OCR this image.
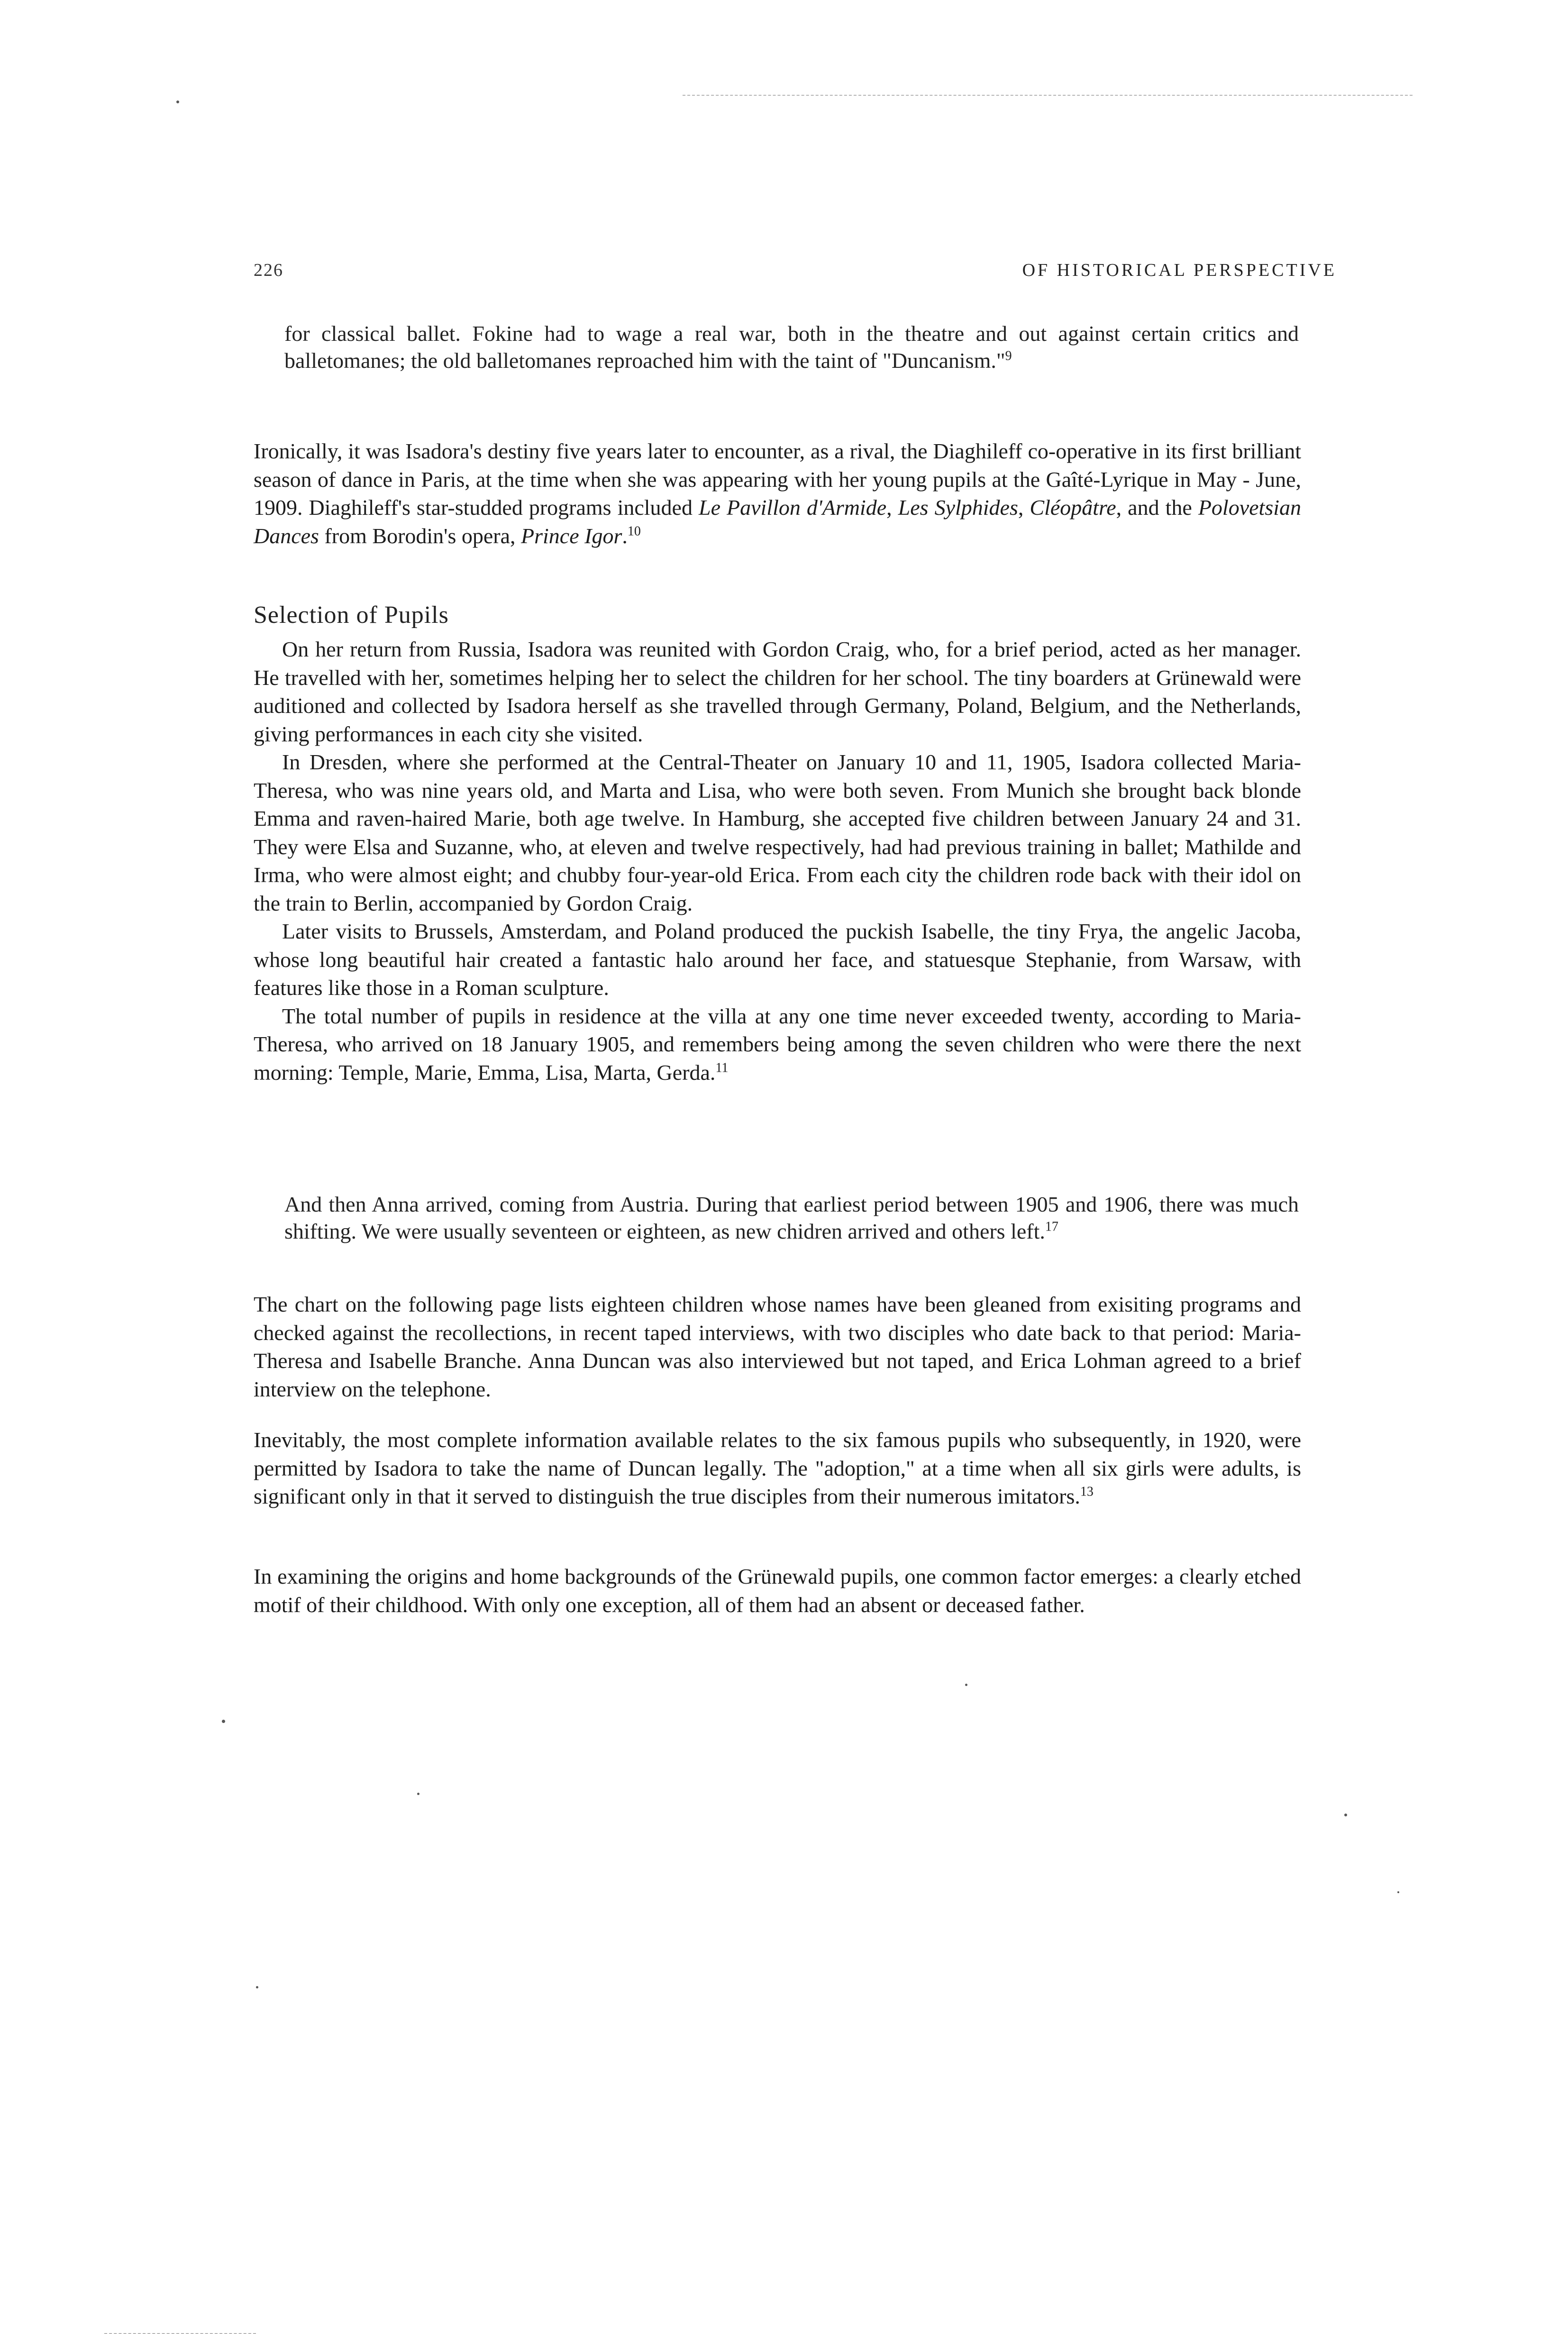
226	OF HISTORICAL PERSPECTIVE

for classical ballet. Fokine had to wage a real war, both in the theatre and out against certain critics and balletomanes; the old balletomanes reproached him with the taint of "Duncanism."$^9$

Ironically, it was Isadora's destiny five years later to encounter, as a rival, the Diaghileff co-operative in its first brilliant season of dance in Paris, at the time when she was appearing with her young pupils at the Gaîté-Lyrique in May - June, 1909. Diaghileff's star-studded programs included Le Pavillon d'Armide, Les Sylphides, Cléopâtre, and the Polovetsian Dances from Borodin's opera, Prince Igor.$^{10}$

Selection of Pupils

On her return from Russia, Isadora was reunited with Gordon Craig, who, for a brief period, acted as her manager. He travelled with her, sometimes helping her to select the children for her school. The tiny boarders at Grünewald were auditioned and collected by Isadora herself as she travelled through Germany, Poland, Belgium, and the Netherlands, giving performances in each city she visited.

In Dresden, where she performed at the Central-Theater on January 10 and 11, 1905, Isadora collected Maria-Theresa, who was nine years old, and Marta and Lisa, who were both seven. From Munich she brought back blonde Emma and raven-haired Marie, both age twelve. In Hamburg, she accepted five children between January 24 and 31. They were Elsa and Suzanne, who, at eleven and twelve respectively, had had previous training in ballet; Mathilde and Irma, who were almost eight; and chubby four-year-old Erica. From each city the children rode back with their idol on the train to Berlin, accompanied by Gordon Craig.

Later visits to Brussels, Amsterdam, and Poland produced the puckish Isabelle, the tiny Frya, the angelic Jacoba, whose long beautiful hair created a fantastic halo around her face, and statuesque Stephanie, from Warsaw, with features like those in a Roman sculpture.

The total number of pupils in residence at the villa at any one time never exceeded twenty, according to Maria-Theresa, who arrived on 18 January 1905, and remembers being among the seven children who were there the next morning: Temple, Marie, Emma, Lisa, Marta, Gerda.$^{11}$

And then Anna arrived, coming from Austria. During that earliest period between 1905 and 1906, there was much shifting. We were usually seventeen or eighteen, as new chidren arrived and others left.$^{17}$

The chart on the following page lists eighteen children whose names have been gleaned from exisiting programs and checked against the recollections, in recent taped interviews, with two disciples who date back to that period: Maria-Theresa and Isabelle Branche. Anna Duncan was also interviewed but not taped, and Erica Lohman agreed to a brief interview on the telephone.

Inevitably, the most complete information available relates to the six famous pupils who subsequently, in 1920, were permitted by Isadora to take the name of Duncan legally. The "adoption," at a time when all six girls were adults, is significant only in that it served to distinguish the true disciples from their numerous imitators.$^{13}$

In examining the origins and home backgrounds of the Grünewald pupils, one common factor emerges: a clearly etched motif of their childhood. With only one exception, all of them had an absent or deceased father.
